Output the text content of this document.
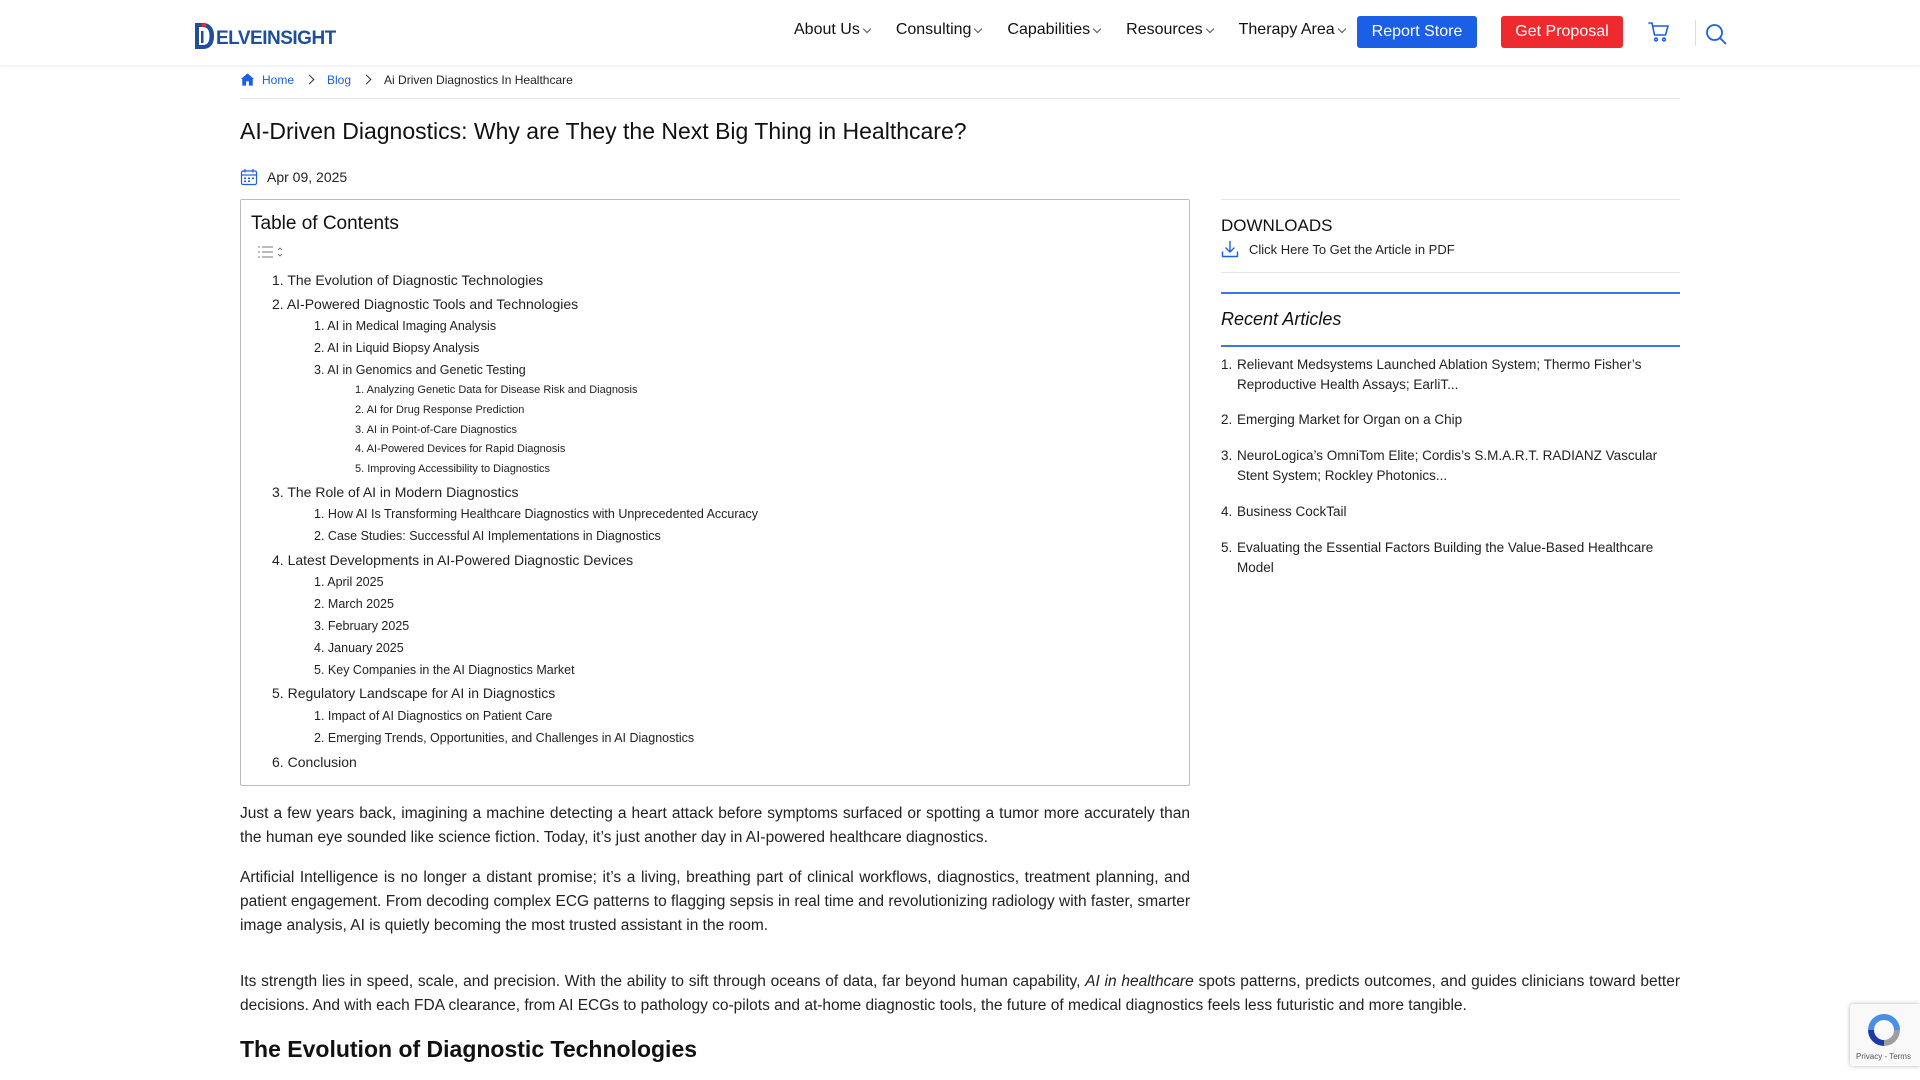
ELVEINSIGHT	About Us Consulting Capabilities Resources Therapy Area	Report Store	Get Proposal
Home	Blog	Ai Driven Diagnostics In Healthcare
AI-Driven Diagnostics: Why are They the Next Big Thing in Healthcare?
Apr 09, 2025
Table of Contents
1. The Evolution of Diagnostic Technologies
2. AI-Powered Diagnostic Tools and Technologies
1. AI in Medical Imaging Analysis
2. AI in Liquid Biopsy Analysis
3. AI in Genomics and Genetic Testing
1. Analyzing Genetic Data for Disease Risk and Diagnosis
2. AI for Drug Response Prediction
3. AI in Point-of-Care Diagnostics
4. AI-Powered Devices for Rapid Diagnosis
5. Improving Accessibility to Diagnostics
3. The Role of AI in Modern Diagnostics
1. How AI Is Transforming Healthcare Diagnostics with Unprecedented Accuracy
2. Case Studies: Successful AI Implementations in Diagnostics
4. Latest Developments in AI-Powered Diagnostic Devices
1. April 2025
2. March 2025
3. February 2025
4. January 2025
5. Key Companies in the AI Diagnostics Market
5. Regulatory Landscape for AI in Diagnostics
1. Impact of AI Diagnostics on Patient Care
2. Emerging Trends, Opportunities, and Challenges in AI Diagnostics
6. Conclusion

Just a few years back, imagining a machine detecting a heart attack before symptoms surfaced or spotting a tumor more accurately than the human eye sounded like science fiction. Today, it’s just another day in AI-powered healthcare diagnostics.

Artificial Intelligence is no longer a distant promise; it’s a living, breathing part of clinical workflows, diagnostics, treatment planning, and patient engagement. From decoding complex ECG patterns to flagging sepsis in real time and revolutionizing radiology with faster, smarter image analysis, AI is quietly becoming the most trusted assistant in the room.

Its strength lies in speed, scale, and precision. With the ability to sift through oceans of data, far beyond human capability, AI in healthcare spots patterns, predicts outcomes, and guides clinicians toward better decisions. And with each FDA clearance, from AI ECGs to pathology co-pilots and at-home diagnostic tools, the future of medical diagnostics feels less futuristic and more tangible.

The Evolution of Diagnostic Technologies
DOWNLOADS
Click Here To Get the Article in PDF
Recent Articles
1. Relievant Medsystems Launched Ablation System; Thermo Fisher’s Reproductive Health Assays; EarliT...
2. Emerging Market for Organ on a Chip
3. NeuroLogica’s OmniTom Elite; Cordis’s S.M.A.R.T. RADIANZ Vascular Stent System; Rockley Photonics...
4. Business CockTail
5. Evaluating the Essential Factors Building the Value-Based Healthcare Model
Privacy - Terms
